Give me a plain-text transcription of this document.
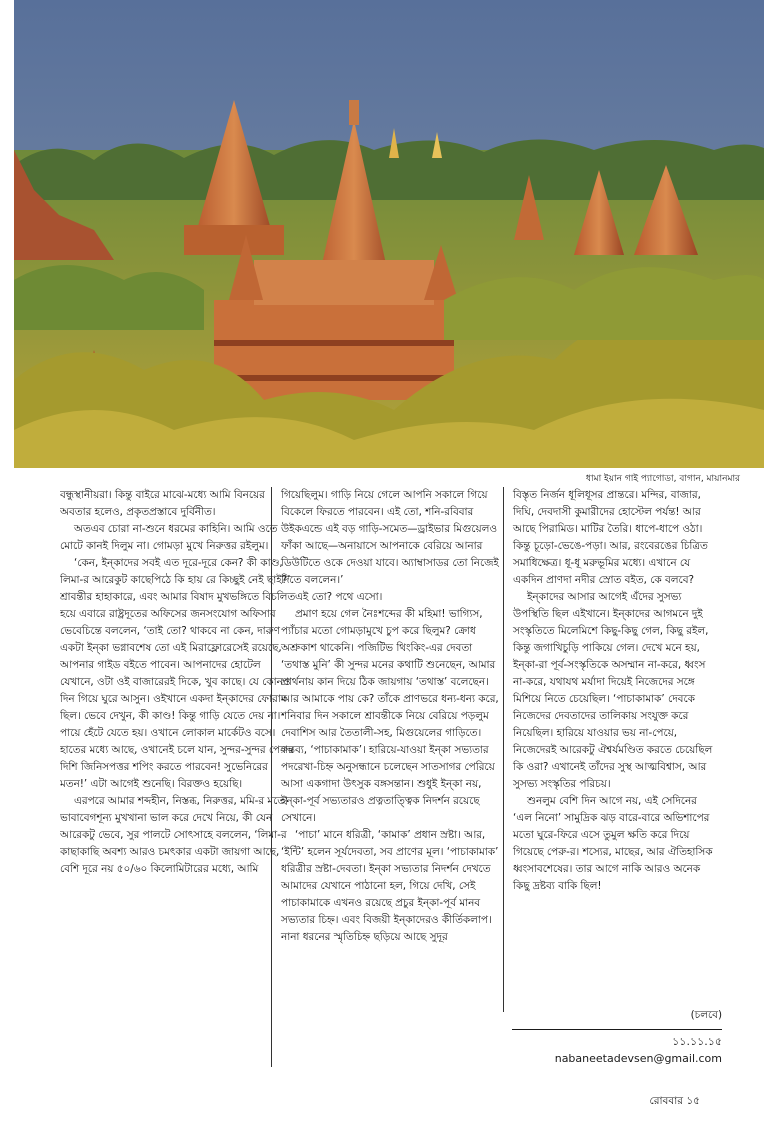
ধামা ইয়ান গাই প্যাগোডা, বাগান, মায়ানমার

বন্ধুস্থানীয়রা। কিন্তু বাইরে মাঝে-মধ্যে আমি বিনয়ের অবতার হলেও, প্রকৃতপ্রস্তাবে দুর্বিনীত।

অতএব চোরা না-শুনে ধরমের কাহিনি। আমি ওতে মোটে কানই দিলুম না। গোমড়া মুখে নিরুত্তর রইলুম।

‘কেন, ইন্‌কাদের সবই এত দূরে-দূরে কেন? কী কাণ্ড, লিমা-র আরেকুট কাছেপিঠে কি হায় রে কিচ্ছুই নেই ছাই?’ শ্রাবন্তীর হাহাকারে, এবং আমার বিষাদ মুখভঙ্গিতে বিচলিত হয়ে এবারে রাষ্ট্রদূতের অফিসের জনসংযোগ অফিসার ভেবেচিন্তে বললেন, ‘তাই তো? থাকবে না কেন, দারুণ একটা ইন্‌কা ভগ্নাবশেষ তো এই মিরাফ্লোরেসেই রয়েছে, আপনার গাইড বইতে পাবেন। আপনাদের হোটেল যেখানে, ওটা ওই বাজারেরই দিকে, খুব কাছে। যে কোনও দিন গিয়ে ঘুরে আসুন। ওইখানে একদা ইন্‌কাদের ফোরাম ছিল। ভেবে দেখুন, কী কাণ্ড! কিন্তু গাড়ি যেতে দেয় না। পায়ে হেঁটে যেতে হয়। ওখানে লোকাল মার্কেটও বসে। হাতের মধ্যে আছে, ওখানেই চলে যান, সুন্দর-সুন্দর পেরুর দিশি জিনিসপত্তর শপিং করতে পারবেন! সুভেনিরের মতন!’ এটা আগেই শুনেছি। বিরক্তও হয়েছি।

এরপরে আমার শব্দহীন, নিস্তব্ধ, নিরুত্তর, মমি-র মতো ভাবাবেগশূন্য মুখখানা ভাল করে দেখে নিয়ে, কী যেন আরেকটু ভেবে, সুর পালটে সোৎসাহে বললেন, ‘লিমা-র কাছাকাছি অবশ্য আরও চমৎকার একটা জায়গা আছে, বেশি দূরে নয় ৫০/৬০ কিলোমিটারের মধ্যে, আমি

গিয়েছিলুম। গাড়ি নিয়ে গেলে আপনি সকালে গিয়ে বিকেলে ফিরতে পারবেন। এই তো, শনি-রবিবার উইকএন্ডে এই বড় গাড়ি-সমেত—ড্রাইভার মিগুয়েলও ফাঁকা আছে—অনায়াসে আপনাকে বেরিয়ে আনার ডিউটিতে ওকে দেওয়া যাবে। অ্যাম্বাসাডর তো নিজেই দিতে বললেন।’

এই তো? পথে এসো।

প্রমাণ হয়ে গেল নৈঃশব্দের কী মহিমা! ভাগ্যিস, প্যাঁচার মতো গোমড়ামুখে চুপ করে ছিলুম? ক্রোধ অশ্রুকাশ থাকেনি। পজিটিভ থিংকিং-এর দেবতা ‘তথাস্ত মুনি’ কী সুন্দর মনের কথাটি শুনেছেন, আমার প্রার্থনায় কান দিয়ে ঠিক জায়গায় ‘তথাস্ত’ বলেছেন। আর আমাকে পায় কে? তাঁকে প্রাণভরে ধন্য-ধন্য করে, শনিবার দিন সকালে শ্রাবন্তীকে নিয়ে বেরিয়ে পড়লুম দেবাশিস আর তৈতালী-সহ, মিগুয়েলের গাড়িতে। গন্তব্য, ‘পাচাকামাক’। হারিয়ে-যাওয়া ইন্‌কা সভ্যতার পদরেখা-চিহ্ন অনুসন্ধানে চলেছেন সাতসাগর পেরিয়ে আসা একগাদা উৎসুক বঙ্গসন্তান। শুধুই ইন্‌কা নয়, ইন্‌কা-পূর্ব সভ্যতারও প্রত্নতাত্ত্বিক নিদর্শন রয়েছে সেখানে।

‘পাচা’ মানে ধরিত্রী, ‘কামাক’ প্রধান স্রষ্টা। আর, ‘ইন্টি’ হলেন সূর্যদেবতা, সব প্রাণের মূল। ‘পাচাকামাক’ ধরিত্রীর স্রষ্টা-দেবতা। ইন্‌কা সভ্যতার নিদর্শন দেখতে আমাদের যেখানে পাঠানো হল, গিয়ে দেখি, সেই পাচাকামাকে এখনও রয়েছে প্রচুর ইন্‌কা-পূর্ব মানব সভ্যতার চিহ্ন। এবং বিজয়ী ইন্‌কাদেরও কীর্তিকলাপ। নানা ধরনের স্মৃতিচিহ্ন ছড়িয়ে আছে সুদূর

বিস্তৃত নির্জন ধূলিধূসর প্রান্তরে। মন্দির, বাজার, দিঘি, দেবদাসী কুমারীদের হোস্টেল পর্যন্ত! আর আছে পিরামিড। মাটির তৈরি। ধাপে-ধাপে ওঠা। কিন্তু চূড়ো-ভেঙে-পড়া। আর, রংবেরঙের চিত্রিত সমাধিক্ষেত্র। ধূ-ধূ মরুভূমির মধ্যে। এখানে যে একদিন প্রাণদা নদীর স্রোত বইত, কে বলবে?

ইন্‌কাদের আসার আগেই এঁদের সুসভ্য উপস্থিতি ছিল এইখানে। ইন্‌কাদের আগমনে দুই সংস্কৃতিতে মিলেমিশে কিছু-কিছু গেল, কিছু রইল, কিন্তু জগাখিচুড়ি পাকিয়ে গেল। দেখে মনে হয়, ইন্‌কা-রা পূর্ব-সংস্কৃতিকে অসম্মান না-করে, ধ্বংস না-করে, যথাযথ মর্যাদা দিয়েই নিজেদের সঙ্গে মিশিয়ে নিতে চেয়েছিল। ‘পাচাকামাক’ দেবকে নিজেদের দেবতাদের তালিকায় সংযুক্ত করে নিয়েছিল। হারিয়ে যাওয়ার ভয় না-পেয়ে, নিজেদেরই আরেকটু ঐশ্বর্যমণ্ডিত করতে চেয়েছিল কি ওরা? এখানেই তাঁদের সুস্থ আত্মবিশ্বাস, আর সুসভ্য সংস্কৃতির পরিচয়।

শুনলুম বেশি দিন আগে নয়, এই সেদিনের ‘এল নিনো’ সামুদ্রিক ঝড় বারে-বারে অভিশাপের মতো ঘুরে-ফিরে এসে তুমুল ক্ষতি করে দিয়ে গিয়েছে পেরু-র। শস্যের, মাছের, আর ঐতিহাসিক ধ্বংসাবশেষের। তার আগে নাকি আরও অনেক কিছু দ্রষ্টব্য বাকি ছিল!

(চলবে)
১১.১১.১৫
nabaneetadevsen@gmail.com
রোববার ১৫
